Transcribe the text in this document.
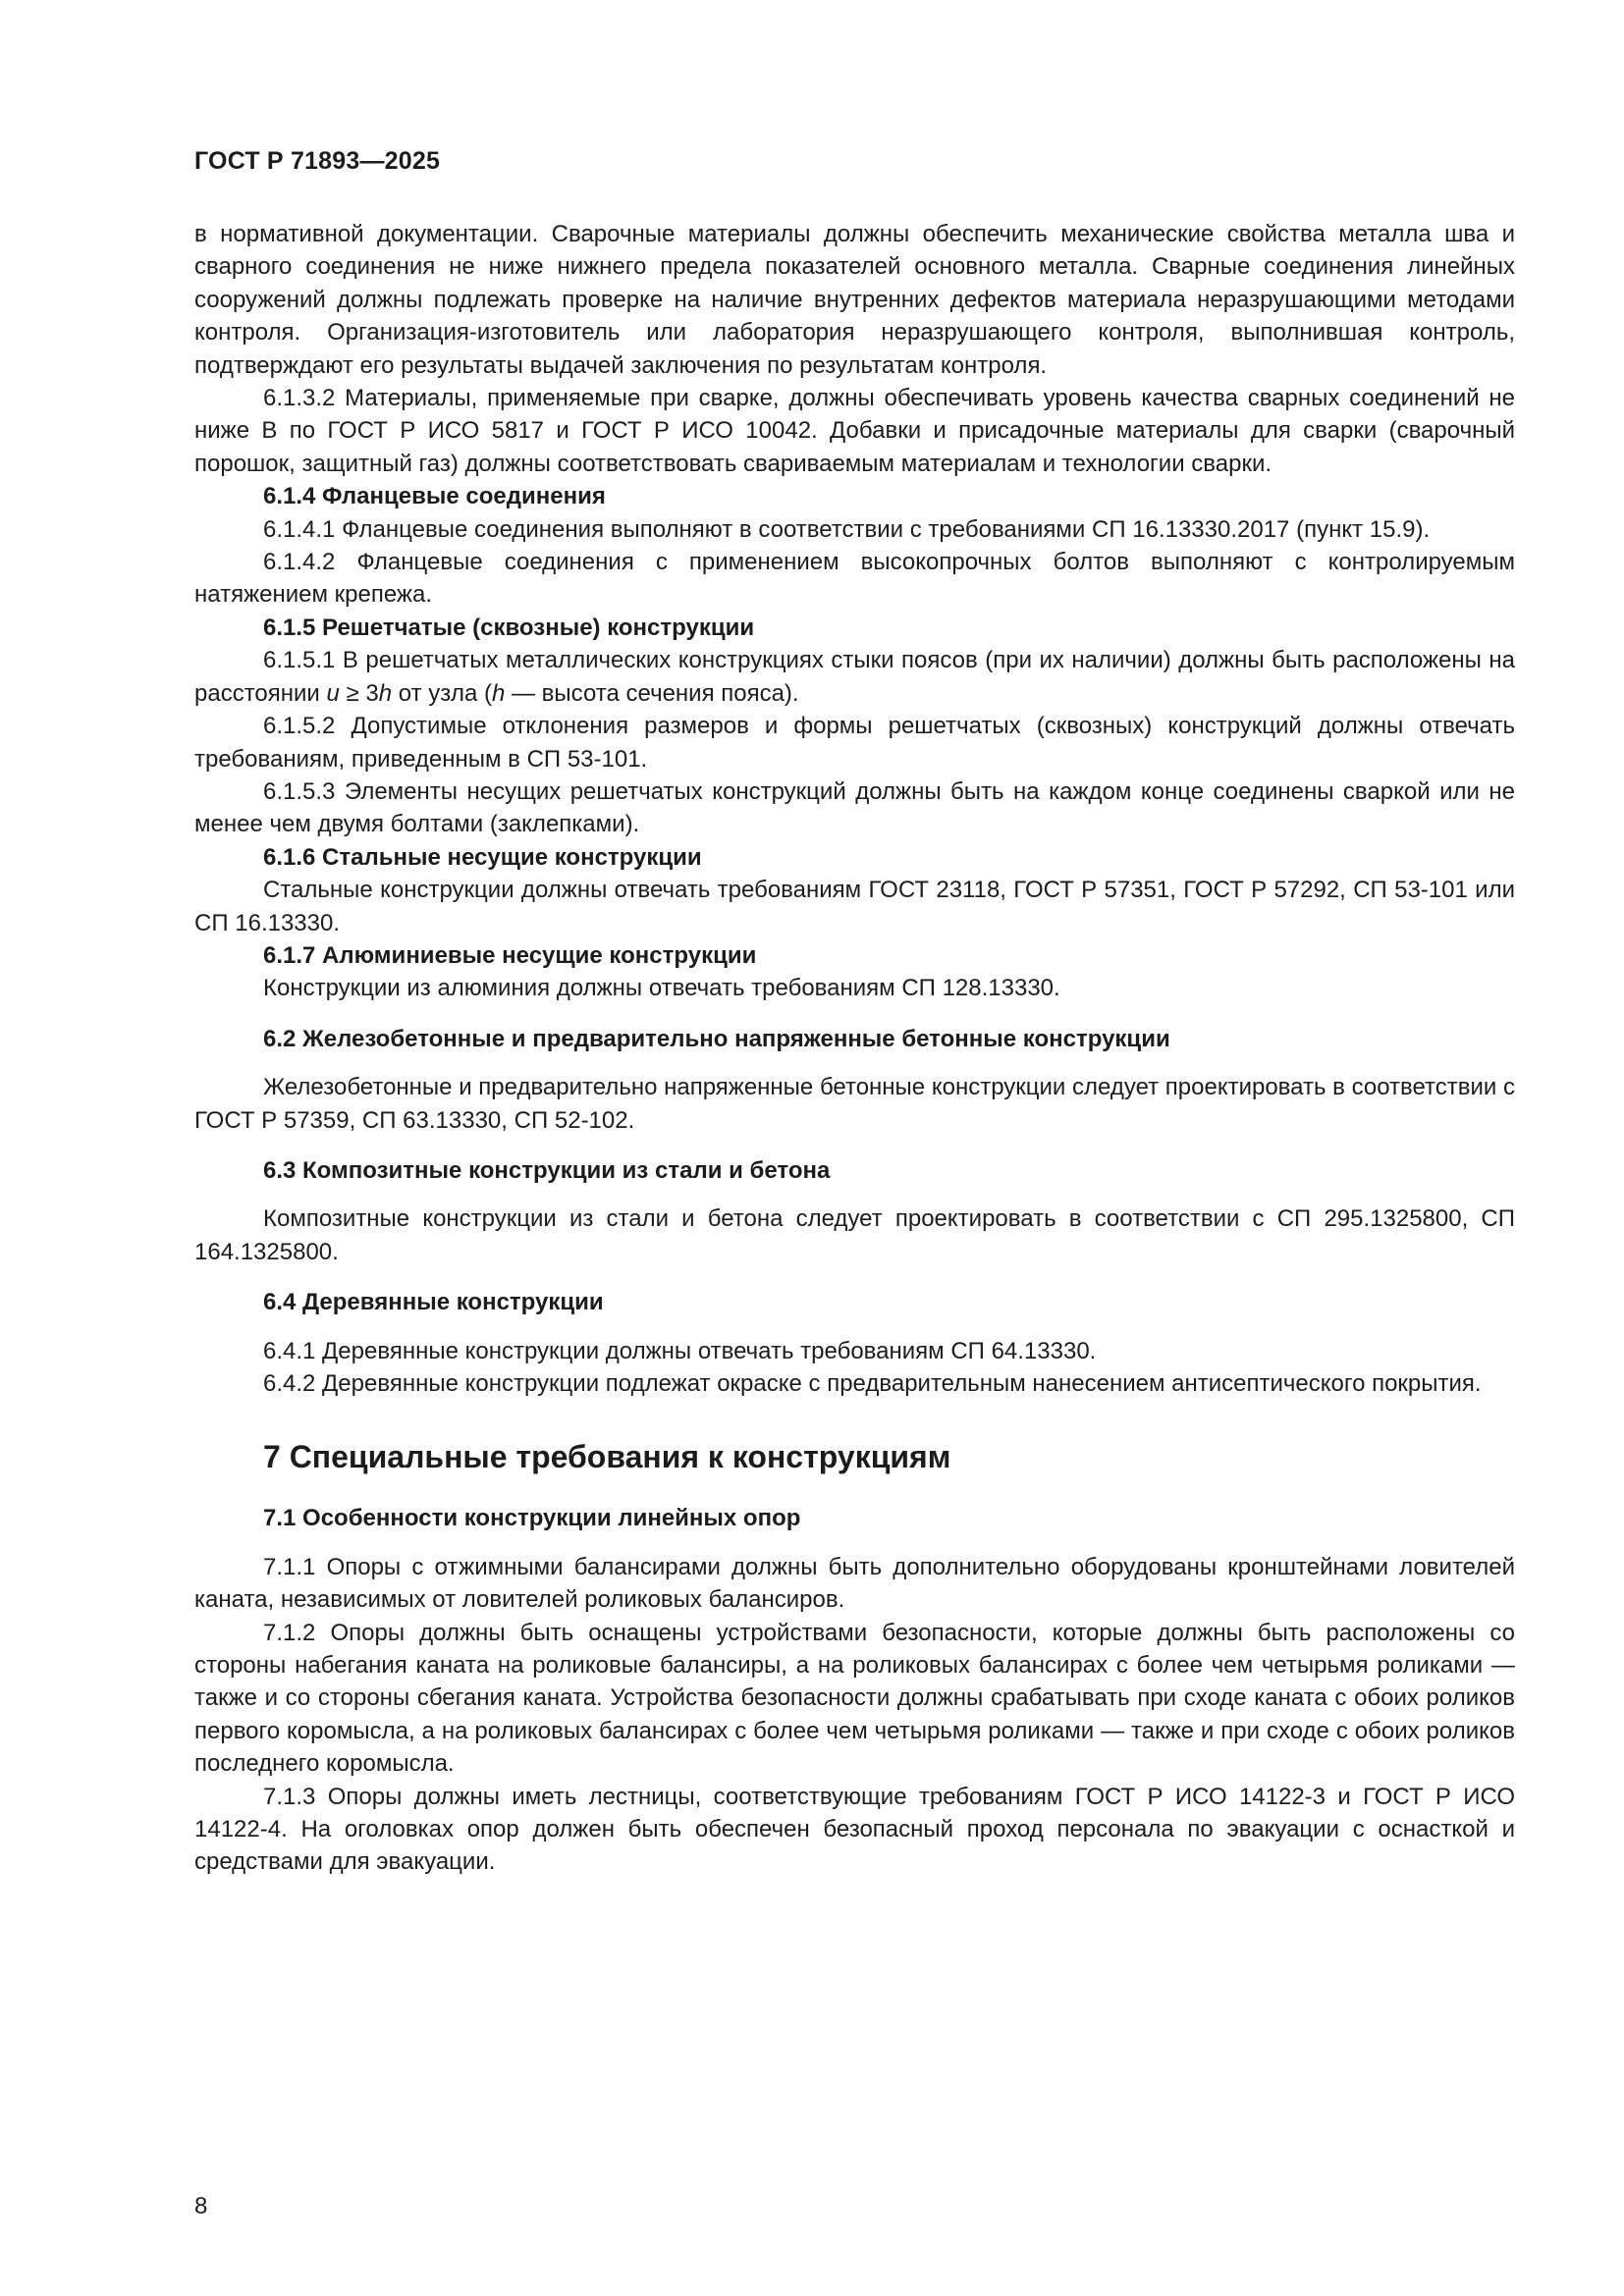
ГОСТ Р 71893—2025

в нормативной документации. Сварочные материалы должны обеспечить механические свойства металла шва и сварного соединения не ниже нижнего предела показателей основного металла. Сварные соединения линейных сооружений должны подлежать проверке на наличие внутренних дефектов материала неразрушающими методами контроля. Организация-изготовитель или лаборатория неразрушающего контроля, выполнившая контроль, подтверждают его результаты выдачей заключения по результатам контроля.

6.1.3.2 Материалы, применяемые при сварке, должны обеспечивать уровень качества сварных соединений не ниже В по ГОСТ Р ИСО 5817 и ГОСТ Р ИСО 10042. Добавки и присадочные материалы для сварки (сварочный порошок, защитный газ) должны соответствовать свариваемым материалам и технологии сварки.

6.1.4 Фланцевые соединения

6.1.4.1 Фланцевые соединения выполняют в соответствии с требованиями СП 16.13330.2017 (пункт 15.9).

6.1.4.2 Фланцевые соединения с применением высокопрочных болтов выполняют с контролируемым натяжением крепежа.

6.1.5 Решетчатые (сквозные) конструкции

6.1.5.1 В решетчатых металлических конструкциях стыки поясов (при их наличии) должны быть расположены на расстоянии u ≥ 3h от узла (h — высота сечения пояса).

6.1.5.2 Допустимые отклонения размеров и формы решетчатых (сквозных) конструкций должны отвечать требованиям, приведенным в СП 53-101.

6.1.5.3 Элементы несущих решетчатых конструкций должны быть на каждом конце соединены сваркой или не менее чем двумя болтами (заклепками).

6.1.6 Стальные несущие конструкции

Стальные конструкции должны отвечать требованиям ГОСТ 23118, ГОСТ Р 57351, ГОСТ Р 57292, СП 53-101 или СП 16.13330.

6.1.7 Алюминиевые несущие конструкции

Конструкции из алюминия должны отвечать требованиям СП 128.13330.

6.2 Железобетонные и предварительно напряженные бетонные конструкции

Железобетонные и предварительно напряженные бетонные конструкции следует проектировать в соответствии с ГОСТ Р 57359, СП 63.13330, СП 52-102.

6.3 Композитные конструкции из стали и бетона

Композитные конструкции из стали и бетона следует проектировать в соответствии с СП 295.1325800, СП 164.1325800.

6.4 Деревянные конструкции

6.4.1 Деревянные конструкции должны отвечать требованиям СП 64.13330.

6.4.2 Деревянные конструкции подлежат окраске с предварительным нанесением антисептического покрытия.

7 Специальные требования к конструкциям

7.1 Особенности конструкции линейных опор

7.1.1 Опоры с отжимными балансирами должны быть дополнительно оборудованы кронштейнами ловителей каната, независимых от ловителей роликовых балансиров.

7.1.2 Опоры должны быть оснащены устройствами безопасности, которые должны быть расположены со стороны набегания каната на роликовые балансиры, а на роликовых балансирах с более чем четырьмя роликами — также и со стороны сбегания каната. Устройства безопасности должны срабатывать при сходе каната с обоих роликов первого коромысла, а на роликовых балансирах с более чем четырьмя роликами — также и при сходе с обоих роликов последнего коромысла.

7.1.3 Опоры должны иметь лестницы, соответствующие требованиям ГОСТ Р ИСО 14122-3 и ГОСТ Р ИСО 14122-4. На оголовках опор должен быть обеспечен безопасный проход персонала по эвакуации с оснасткой и средствами для эвакуации.

8
